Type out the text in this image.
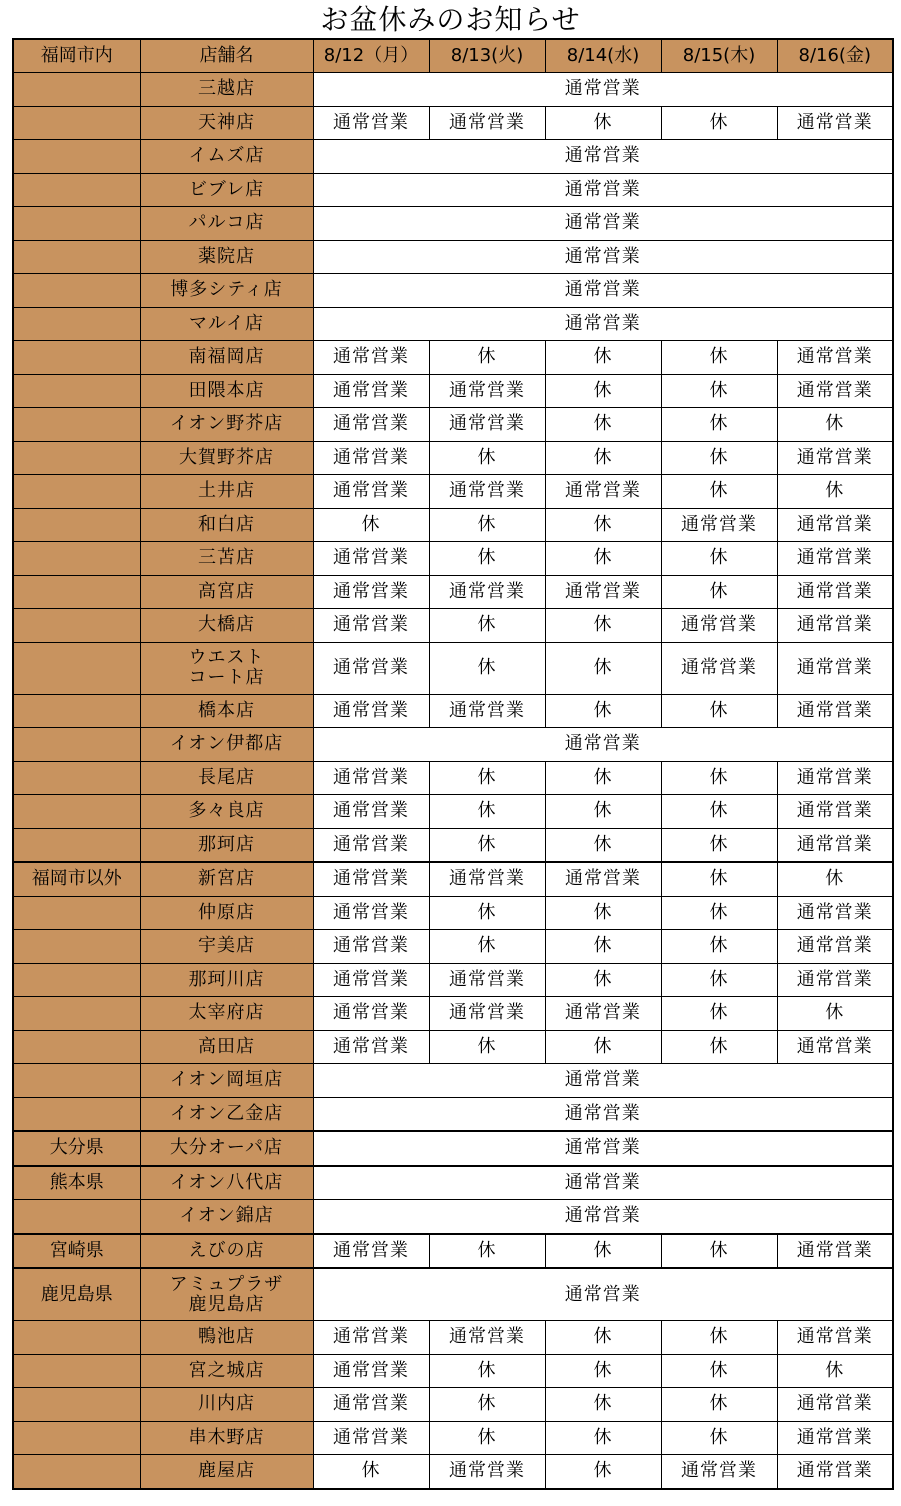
お盆休みのお知らせ
福岡市内	店舗名	8/12（月）	8/13(火)	8/14(水)	8/15(木)	8/16(金)
	三越店	通常営業				
	天神店	通常営業	通常営業	休	休	通常営業
	イムズ店	通常営業				
	ビブレ店	通常営業				
	パルコ店	通常営業				
	薬院店	通常営業				
	博多シティ店	通常営業				
	マルイ店	通常営業				
	南福岡店	通常営業	休	休	休	通常営業
	田隈本店	通常営業	通常営業	休	休	通常営業
	イオン野芥店	通常営業	通常営業	休	休	休
	大賀野芥店	通常営業	休	休	休	通常営業
	土井店	通常営業	通常営業	通常営業	休	休
	和白店	休	休	休	通常営業	通常営業
	三苫店	通常営業	休	休	休	通常営業
	高宮店	通常営業	通常営業	通常営業	休	通常営業
	大橋店	通常営業	休	休	通常営業	通常営業
	ウエスト
コート店	通常営業	休	休	通常営業	通常営業
	橋本店	通常営業	通常営業	休	休	通常営業
	イオン伊都店	通常営業				
	長尾店	通常営業	休	休	休	通常営業
	多々良店	通常営業	休	休	休	通常営業
	那珂店	通常営業	休	休	休	通常営業
福岡市以外	新宮店	通常営業	通常営業	通常営業	休	休
	仲原店	通常営業	休	休	休	通常営業
	宇美店	通常営業	休	休	休	通常営業
	那珂川店	通常営業	通常営業	休	休	通常営業
	太宰府店	通常営業	通常営業	通常営業	休	休
	高田店	通常営業	休	休	休	通常営業
	イオン岡垣店	通常営業				
	イオン乙金店	通常営業				
大分県	大分オーパ店	通常営業				
熊本県	イオン八代店	通常営業				
	イオン錦店	通常営業				
宮崎県	えびの店	通常営業	休	休	休	通常営業
鹿児島県	アミュプラザ
鹿児島店	通常営業				
	鴨池店	通常営業	通常営業	休	休	通常営業
	宮之城店	通常営業	休	休	休	休
	川内店	通常営業	休	休	休	通常営業
	串木野店	通常営業	休	休	休	通常営業
	鹿屋店	休	通常営業	休	通常営業	通常営業
